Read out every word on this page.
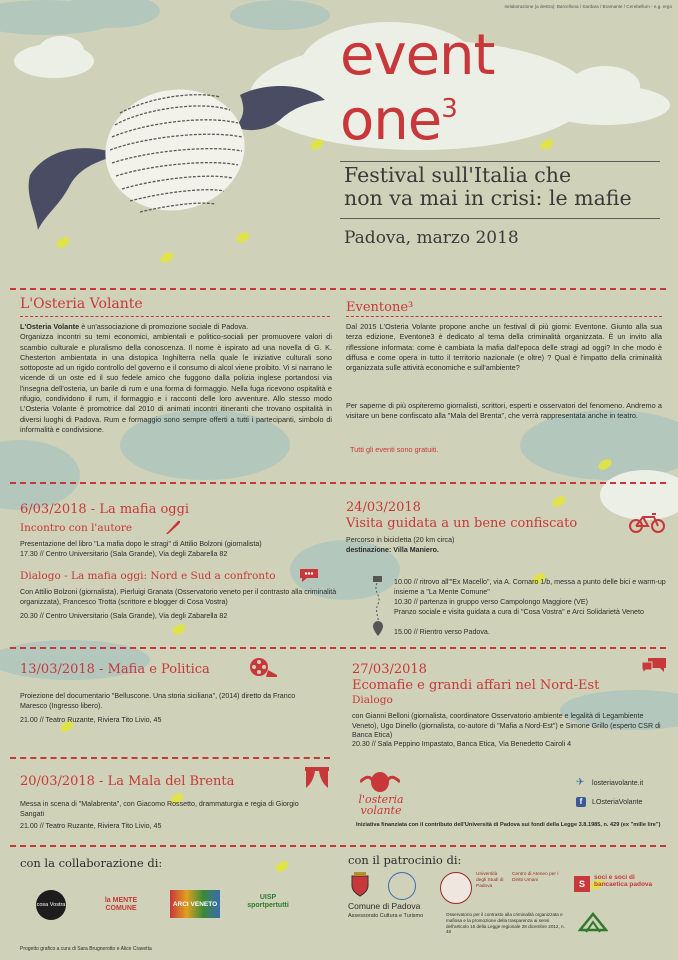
rielaborazione (a destra): Barcellona / Sardara / Bramante / Cerebellum - e.g. ergo
event
one$^3$
Festival sull'Italia che
non va mai in crisi: le mafie
Padova, marzo 2018
L'Osteria Volante
L'Osteria Volante è un'associazione di promozione sociale di Padova.
Organizza incontri su temi economici, ambientali e politico-sociali per promuovere valori di scambio culturale e pluralismo della conoscenza. Il nome è ispirato ad una novella di G. K. Chesterton ambientata in una distopica Inghilterra nella quale le iniziative culturali sono sottoposte ad un rigido controllo del governo e il consumo di alcol viene proibito. Vi si narrano le vicende di un oste ed il suo fedele amico che fuggono dalla polizia inglese portandosi via l'insegna dell'osteria, un barile di rum e una forma di formaggio. Nella fuga ricevono ospitalità e rifugio, condividono il rum, il formaggio e i racconti delle loro avventure. Allo stesso modo L'Osteria Volante è promotrice dal 2010 di animati incontri itineranti che trovano ospitalità in diversi luoghi di Padova. Rum e formaggio sono sempre offerti a tutti i partecipanti, simbolo di informalità e condivisione.
Eventone³
Dal 2015 L'Osteria Volante propone anche un festival di più giorni: Eventone. Giunto alla sua terza edizione, Eventone3 è dedicato al tema della criminalità organizzata. È un invito alla riflessione informata: come è cambiata la mafia dall'epoca delle stragi ad oggi? In che modo è diffusa e come opera in tutto il territorio nazionale (e oltre) ? Qual è l'impatto della criminalità organizzata sulle attività economiche e sull'ambiente?
Per saperne di più ospiteremo giornalisti, scrittori, esperti e osservatori del fenomeno. Andremo a visitare un bene confiscato alla "Mala del Brenta", che verrà rappresentata anche in teatro.
Tutti gli eventi sono gratuiti.
6/03/2018 - La mafia oggi
Incontro con l'autore
Presentazione del libro "La mafia dopo le stragi" di Attilio Bolzoni (giornalista)
17.30 // Centro Universitario (Sala Grande), Via degli Zabarella 82
Dialogo - La mafia oggi: Nord e Sud a confronto
Con Attilio Bolzoni (giornalista), Pierluigi Granata (Osservatorio veneto per il contrasto alla criminalità organizzata), Francesco Trotta (scrittore e blogger di Cosa Vostra)
20.30 // Centro Universitario (Sala Grande), Via degli Zabarella 82
24/03/2018
Visita guidata a un bene confiscato
Percorso in bicicletta (20 km circa)
destinazione: Villa Maniero.
10.00 // ritrovo all'"Ex Macello", via A. Cornaro 1/b, messa a punto delle bici e warm-up insieme a "La Mente Comune"
10.30 // partenza in gruppo verso Campolongo Maggiore (VE)
Pranzo sociale e visita guidata a cura di "Cosa Vostra" e Arci Solidarietà Veneto
15.00 // Rientro verso Padova.
13/03/2018 - Mafia e Politica
Proiezione del documentario "Belluscone. Una storia siciliana", (2014) diretto da Franco Maresco (Ingresso libero).
21.00 // Teatro Ruzante, Riviera Tito Livio, 45
27/03/2018
Ecomafie e grandi affari nel Nord-Est
Dialogo
con Gianni Belloni (giornalista, coordinatore Osservatorio ambiente e legalità di Legambiente Veneto), Ugo Dinello (giornalista, co-autore di "Mafia a Nord-Est") e Simone Grillo (esperto CSR di Banca Etica)
20.30 // Sala Peppino Impastato, Banca Etica, Via Benedetto Cairoli 4
20/03/2018 - La Mala del Brenta
Messa in scena di "Malabrenta", con Giacomo Rossetto, drammaturgia e regia di Giorgio Sangati
21.00 // Teatro Ruzante, Riviera Tito Livio, 45
l'osteria
volante
✈ losteriavolante.it
f	LOsteriaVolante
Iniziativa finanziata con il contributo dell'Università di Padova sui fondi della Legge 3.8.1985, n. 429 (ex "mille lire")
con la collaborazione di:	con il patrocinio di:
cosa Vostra
la MENTE COMUNE
ARCI VENETO
UISP sportpertutti	Comune di Padova
Assessorato Cultura e Turismo
Università degli Studi di Padova
Centro di Ateneo per i Diritti Umani	S
soci e soci di bancaetica padova
Osservatorio per il contrasto alla criminalità organizzata e mafiosa e la promozione della trasparenza ai sensi dell'articolo 15 della Legge regionale 28 dicembre 2012, n. 48
Progetto grafico a cura di Sara Brugnerotto e Alice Cravetta
